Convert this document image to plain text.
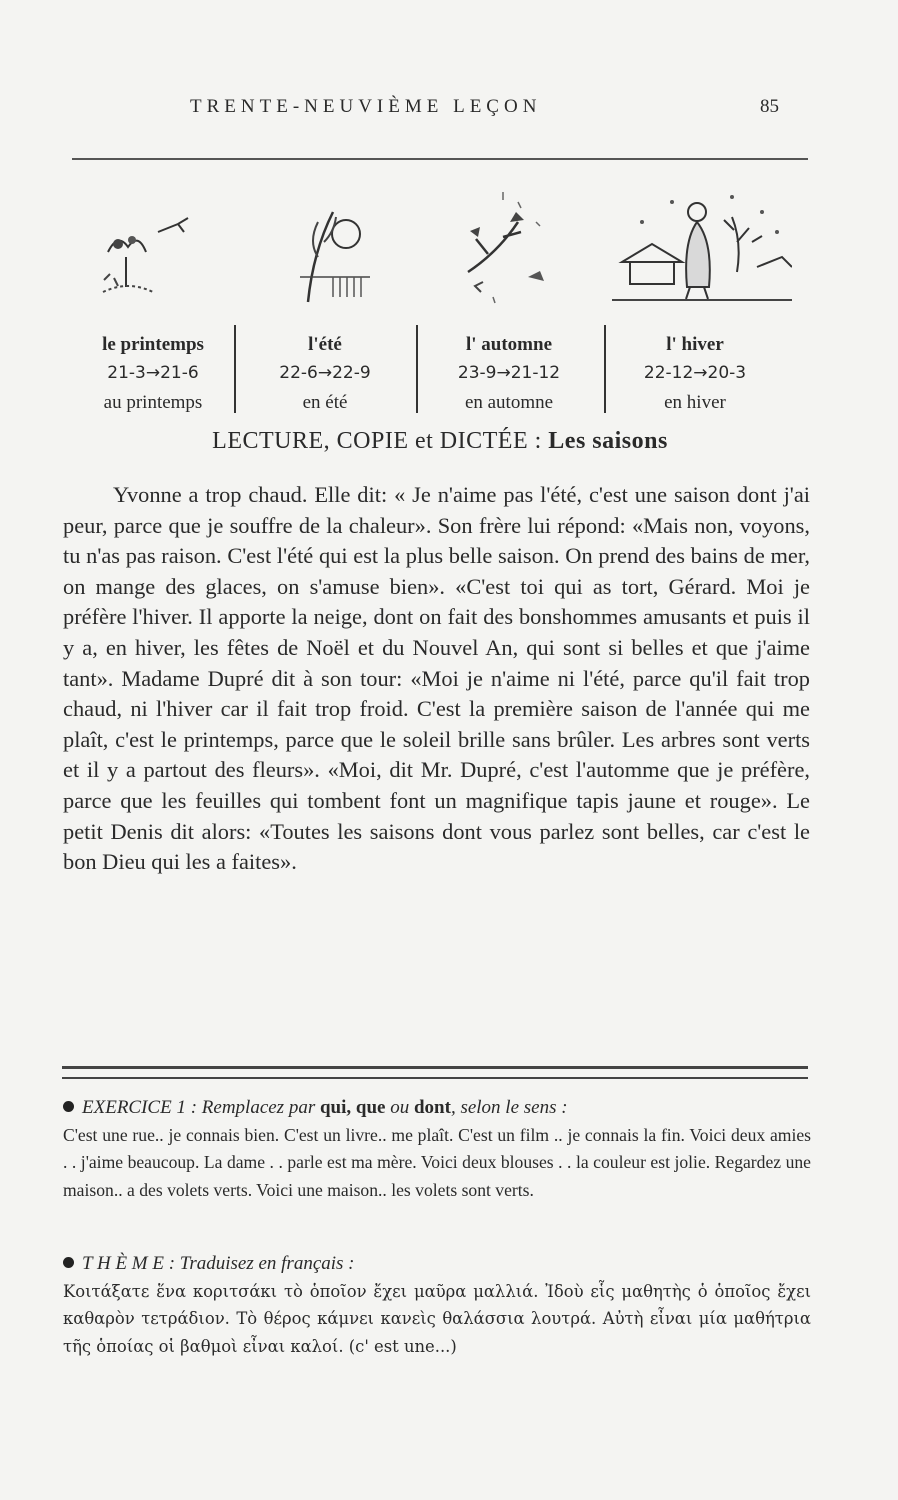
TRENTE-NEUVIÈME LEÇON	85
le printemps
21-3→21-6
au printemps
l'été
22-6→22-9
en été
l' automne
23-9→21-12
en automne
l' hiver
22-12→20-3
en hiver
LECTURE, COPIE et DICTÉE : Les saisons

Yvonne a trop chaud. Elle dit: « Je n'aime pas l'été, c'est une saison dont j'ai peur, parce que je souffre de la chaleur». Son frère lui répond: «Mais non, voyons, tu n'as pas raison. C'est l'été qui est la plus belle saison. On prend des bains de mer, on mange des glaces, on s'amuse bien». «C'est toi qui as tort, Gérard. Moi je préfère l'hiver. Il apporte la neige, dont on fait des bonshommes amusants et puis il y a, en hiver, les fêtes de Noël et du Nouvel An, qui sont si belles et que j'aime tant». Madame Dupré dit à son tour: «Moi je n'aime ni l'été, parce qu'il fait trop chaud, ni l'hiver car il fait trop froid. C'est la première saison de l'année qui me plaît, c'est le printemps, parce que le soleil brille sans brûler. Les arbres sont verts et il y a partout des fleurs». «Moi, dit Mr. Dupré, c'est l'automme que je préfère, parce que les feuilles qui tombent font un magnifique tapis jaune et rouge». Le petit Denis dit alors: «Toutes les saisons dont vous parlez sont belles, car c'est le bon Dieu qui les a faites».

EXERCICE 1 : Remplacez par qui, que ou dont, selon le sens :

C'est une rue.. je connais bien. C'est un livre.. me plaît. C'est un film .. je connais la fin. Voici deux amies . . j'aime beaucoup. La dame . . parle est ma mère. Voici deux blouses . . la couleur est jolie. Regardez une maison.. a des volets verts. Voici une maison.. les volets sont verts.

T H È M E : Traduisez en français :

Κοιτάξατε ἕνα κοριτσάκι τὸ ὁποῖον ἔχει μαῦρα μαλλιά. Ἰδοὺ εἷς μαθητὴς ὁ ὁποῖος ἔχει καθαρὸν τετράδιον. Τὸ θέρος κάμνει κανεὶς θαλάσσια λουτρά. Αὐτὴ εἶναι μία μαθήτρια τῆς ὁποίας οἱ βαθμοὶ εἶναι καλοί. (c' est une...)
